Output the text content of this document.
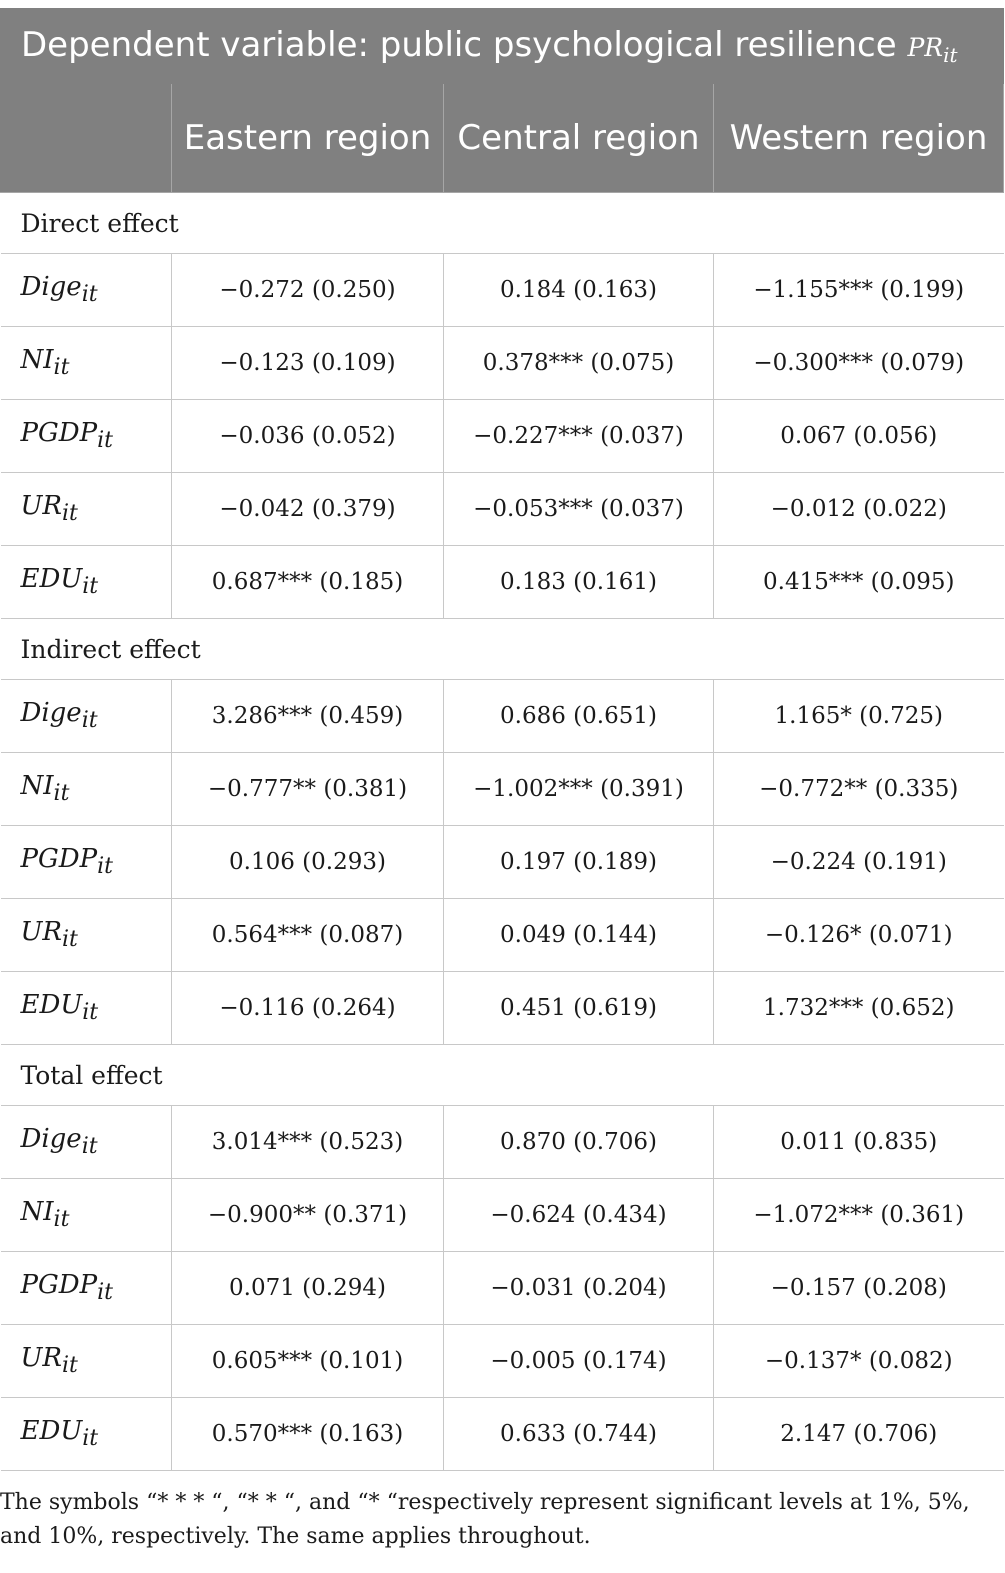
Dependent variable: public psychological resilience $PR_{it}$
	Eastern region	Central region	Western region
Direct effect			
Dige$_{it}$	−0.272 (0.250)	0.184 (0.163)	−1.155*** (0.199)
$NI_{it}$	−0.123 (0.109)	0.378*** (0.075)	−0.300*** (0.079)
$PGDP_{it}$	−0.036 (0.052)	−0.227*** (0.037)	0.067 (0.056)
$UR_{it}$	−0.042 (0.379)	−0.053*** (0.037)	−0.012 (0.022)
$EDU_{it}$	0.687*** (0.185)	0.183 (0.161)	0.415*** (0.095)
Indirect effect			
Dige$_{it}$	3.286*** (0.459)	0.686 (0.651)	1.165* (0.725)
$NI_{it}$	−0.777** (0.381)	−1.002*** (0.391)	−0.772** (0.335)
$PGDP_{it}$	0.106 (0.293)	0.197 (0.189)	−0.224 (0.191)
$UR_{it}$	0.564*** (0.087)	0.049 (0.144)	−0.126* (0.071)
$EDU_{it}$	−0.116 (0.264)	0.451 (0.619)	1.732*** (0.652)
Total effect			
Dige$_{it}$	3.014*** (0.523)	0.870 (0.706)	0.011 (0.835)
$NI_{it}$	−0.900** (0.371)	−0.624 (0.434)	−1.072*** (0.361)
$PGDP_{it}$	0.071 (0.294)	−0.031 (0.204)	−0.157 (0.208)
$UR_{it}$	0.605*** (0.101)	−0.005 (0.174)	−0.137* (0.082)
$EDU_{it}$	0.570*** (0.163)	0.633 (0.744)	2.147 (0.706)
The symbols “* * * “, “* * “, and “* “respectively represent significant levels at 1%, 5%, and 10%, respectively. The same applies throughout.
